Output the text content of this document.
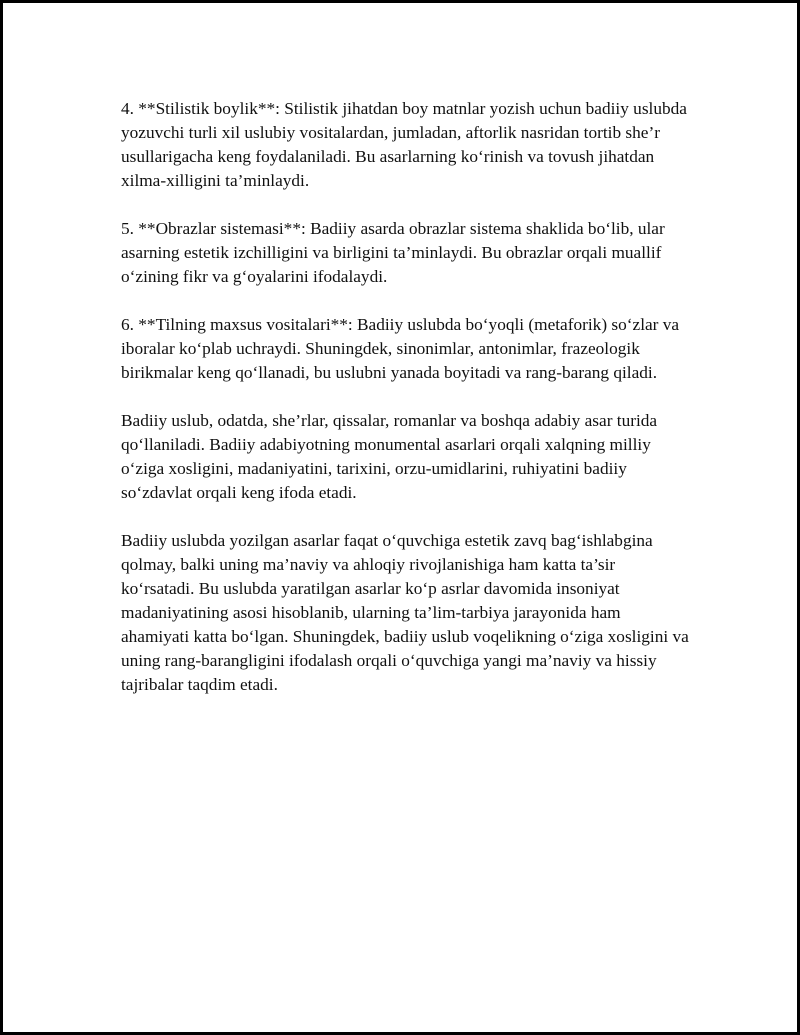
4. **Stilistik boylik**: Stilistik jihatdan boy matnlar yozish uchun badiiy uslubda yozuvchi turli xil uslubiy vositalardan, jumladan, aftorlik nasridan tortib she’r usullarigacha keng foydalaniladi. Bu asarlarning ko‘rinish va tovush jihatdan xilma-xilligini ta’minlaydi.

5. **Obrazlar sistemasi**: Badiiy asarda obrazlar sistema shaklida bo‘lib, ular asarning estetik izchilligini va birligini ta’minlaydi. Bu obrazlar orqali muallif o‘zining fikr va g‘oyalarini ifodalaydi.

6. **Tilning maxsus vositalari**: Badiiy uslubda bo‘yoqli (metaforik) so‘zlar va iboralar ko‘plab uchraydi. Shuningdek, sinonimlar, antonimlar, frazeologik birikmalar keng qo‘llanadi, bu uslubni yanada boyitadi va rang-barang qiladi.

Badiiy uslub, odatda, she’rlar, qissalar, romanlar va boshqa adabiy asar turida qo‘llaniladi. Badiiy adabiyotning monumental asarlari orqali xalqning milliy o‘ziga xosligini, madaniyatini, tarixini, orzu-umidlarini, ruhiyatini badiiy so‘zdavlat orqali keng ifoda etadi.

Badiiy uslubda yozilgan asarlar faqat o‘quvchiga estetik zavq bag‘ishlabgina qolmay, balki uning ma’naviy va ahloqiy rivojlanishiga ham katta ta’sir ko‘rsatadi. Bu uslubda yaratilgan asarlar ko‘p asrlar davomida insoniyat madaniyatining asosi hisoblanib, ularning ta’lim-tarbiya jarayonida ham ahamiyati katta bo‘lgan. Shuningdek, badiiy uslub voqelikning o‘ziga xosligini va uning rang-barangligini ifodalash orqali o‘quvchiga yangi ma’naviy va hissiy tajribalar taqdim etadi.
